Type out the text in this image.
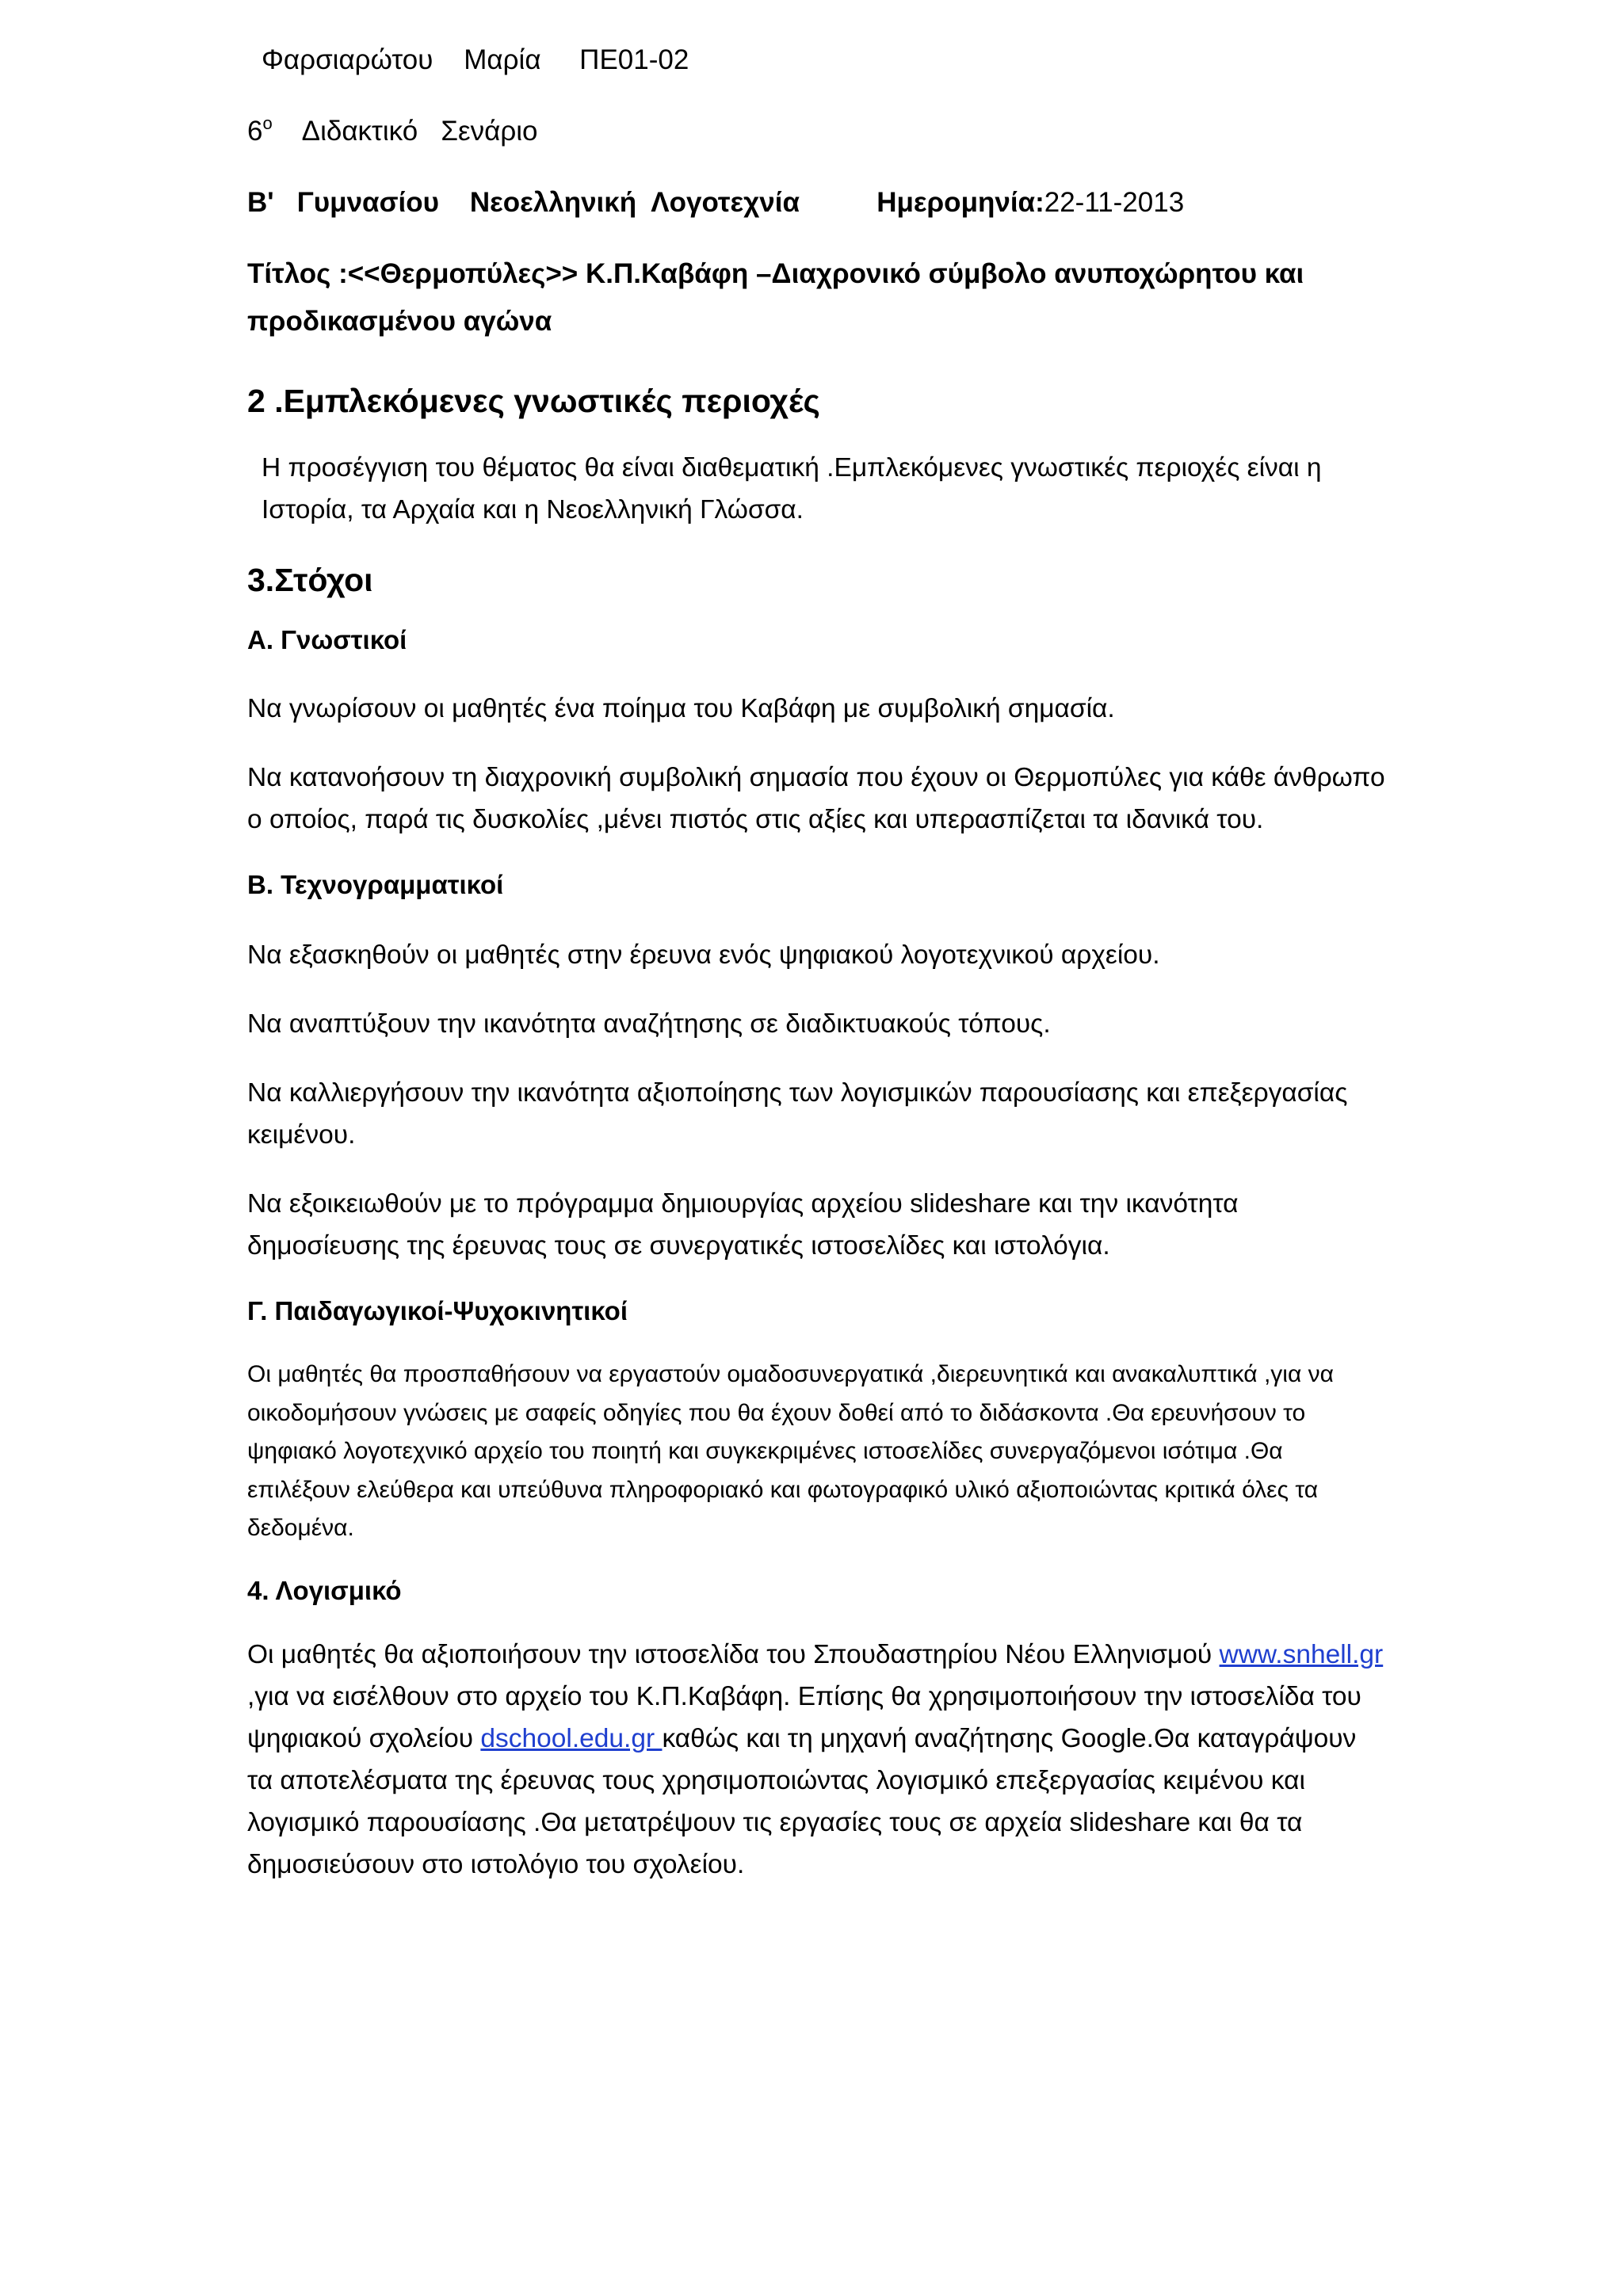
Φαρσιαρώτου    Μαρία     ΠΕ01-02

$6^o$    Διδακτικό   Σενάριο

Β'   Γυμνασίου    Νεοελληνική  Λογοτεχνία          Ημερομηνία:22-11-2013

Τίτλος :<<Θερμοπύλες>> Κ.Π.Καβάφη –Διαχρονικό σύμβολο ανυποχώρητου και προδικασμένου αγώνα

2 .Εμπλεκόμενες γνωστικές περιοχές

Η προσέγγιση του θέματος θα είναι διαθεματική .Εμπλεκόμενες γνωστικές περιοχές είναι η Ιστορία, τα Αρχαία και η Νεοελληνική Γλώσσα.

3.Στόχοι

Α. Γνωστικοί

Να γνωρίσουν οι μαθητές ένα ποίημα του Καβάφη με συμβολική σημασία.

Να κατανοήσουν τη διαχρονική συμβολική σημασία που έχουν οι Θερμοπύλες για κάθε άνθρωπο ο οποίος, παρά τις δυσκολίες ,μένει πιστός στις αξίες και υπερασπίζεται τα ιδανικά του.

Β. Τεχνογραμματικοί

Να εξασκηθούν οι μαθητές στην έρευνα ενός ψηφιακού λογοτεχνικού αρχείου.

Να αναπτύξουν την ικανότητα αναζήτησης σε διαδικτυακούς τόπους.

Να καλλιεργήσουν την ικανότητα αξιοποίησης των λογισμικών παρουσίασης και επεξεργασίας κειμένου.

Να εξοικειωθούν με το πρόγραμμα δημιουργίας αρχείου slideshare και την ικανότητα δημοσίευσης της έρευνας τους σε συνεργατικές ιστοσελίδες και ιστολόγια.

Γ. Παιδαγωγικοί-Ψυχοκινητικοί

Οι μαθητές θα προσπαθήσουν να εργαστούν ομαδοσυνεργατικά ,διερευνητικά και ανακαλυπτικά ,για να οικοδομήσουν γνώσεις με σαφείς οδηγίες που θα έχουν δοθεί από το διδάσκοντα .Θα ερευνήσουν το ψηφιακό λογοτεχνικό αρχείο του ποιητή και συγκεκριμένες ιστοσελίδες συνεργαζόμενοι ισότιμα .Θα επιλέξουν ελεύθερα και υπεύθυνα πληροφοριακό και φωτογραφικό υλικό αξιοποιώντας κριτικά όλες τα δεδομένα.

4. Λογισμικό

Οι μαθητές θα αξιοποιήσουν την ιστοσελίδα του Σπουδαστηρίου Νέου Ελληνισμού www.snhell.gr ,για να εισέλθουν στο αρχείο του Κ.Π.Καβάφη. Επίσης θα χρησιμοποιήσουν την ιστοσελίδα του ψηφιακού σχολείου dschool.edu.gr καθώς και τη μηχανή αναζήτησης Google.Θα καταγράψουν τα αποτελέσματα της έρευνας τους χρησιμοποιώντας λογισμικό επεξεργασίας κειμένου και λογισμικό παρουσίασης .Θα μετατρέψουν τις εργασίες τους σε αρχεία slideshare και θα τα δημοσιεύσουν στο ιστολόγιο του σχολείου.
